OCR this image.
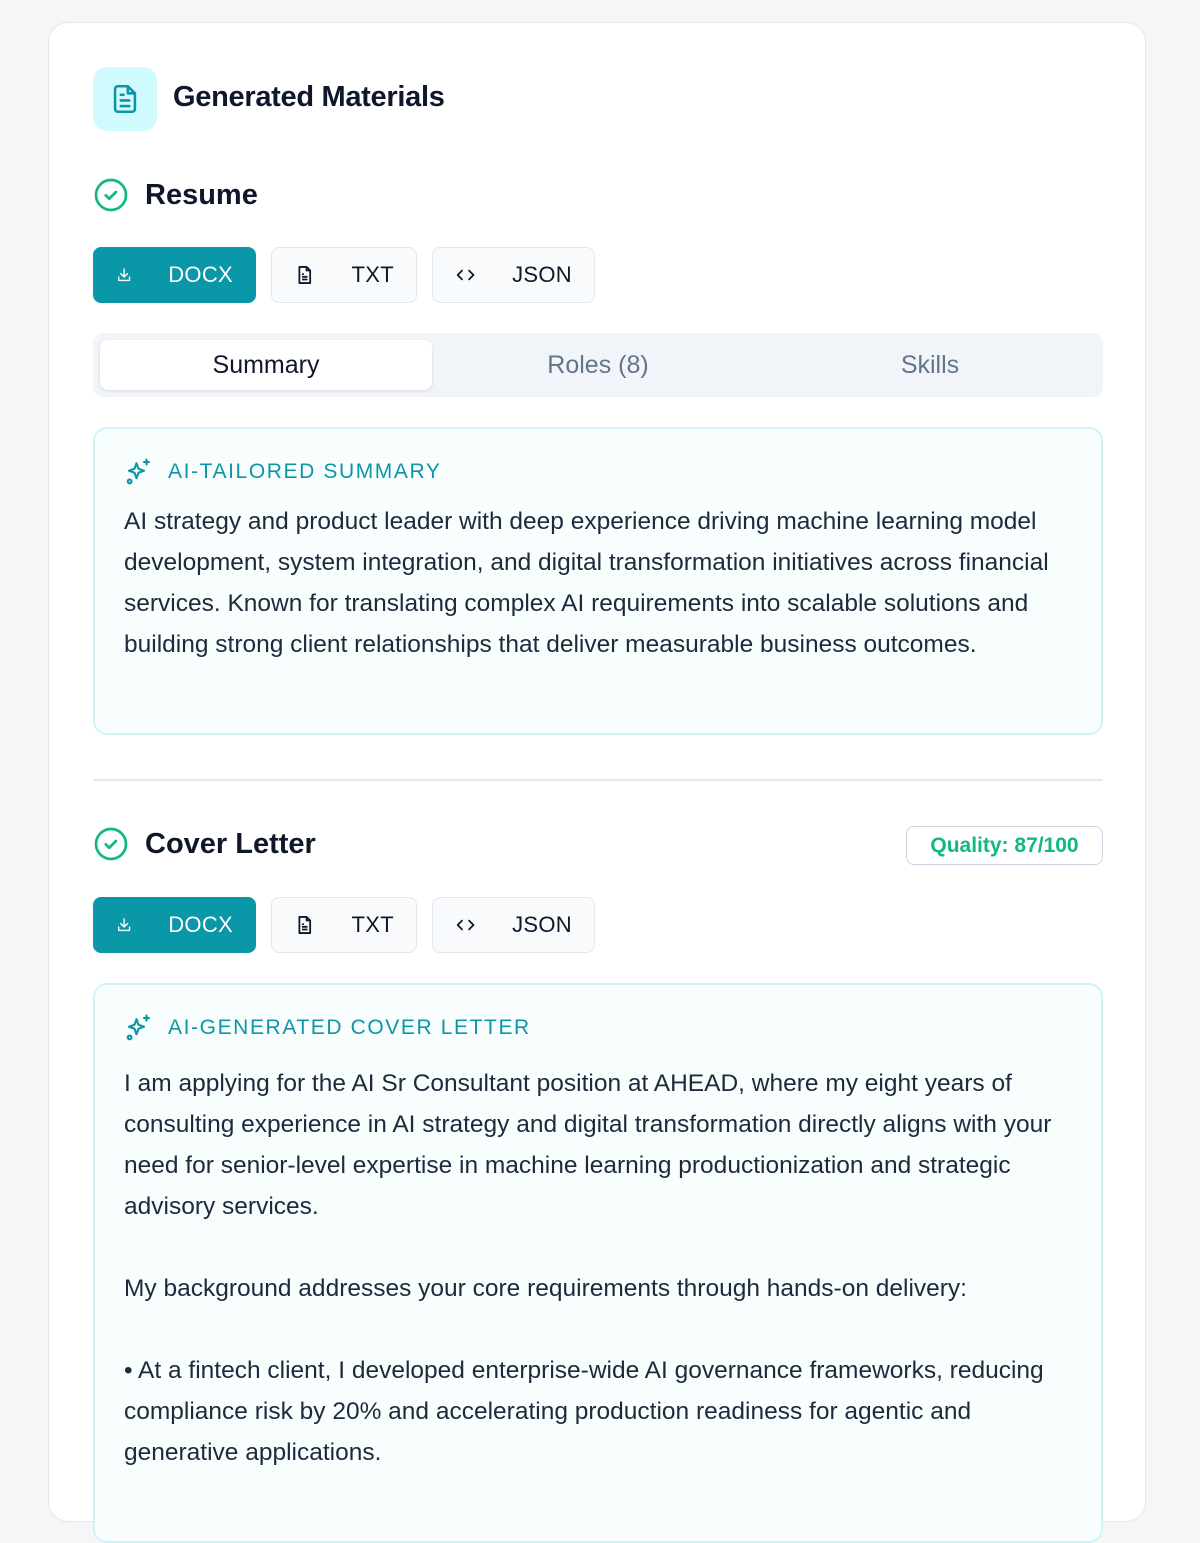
Generated Materials
Resume
DOCX	TXT	JSON
Summary	Roles (8)	Skills
AI-TAILORED SUMMARY
AI strategy and product leader with deep experience driving machine learning model development, system integration, and digital transformation initiatives across financial services. Known for translating complex AI requirements into scalable solutions and building strong client relationships that deliver measurable business outcomes.
Cover Letter	Quality: 87/100
DOCX	TXT	JSON
AI-GENERATED COVER LETTER

I am applying for the AI Sr Consultant position at AHEAD, where my eight years of consulting experience in AI strategy and digital transformation directly aligns with your need for senior-level expertise in machine learning productionization and strategic advisory services.

My background addresses your core requirements through hands-on delivery:

• At a fintech client, I developed enterprise-wide AI governance frameworks, reducing compliance risk by 20% and accelerating production readiness for agentic and generative applications.
